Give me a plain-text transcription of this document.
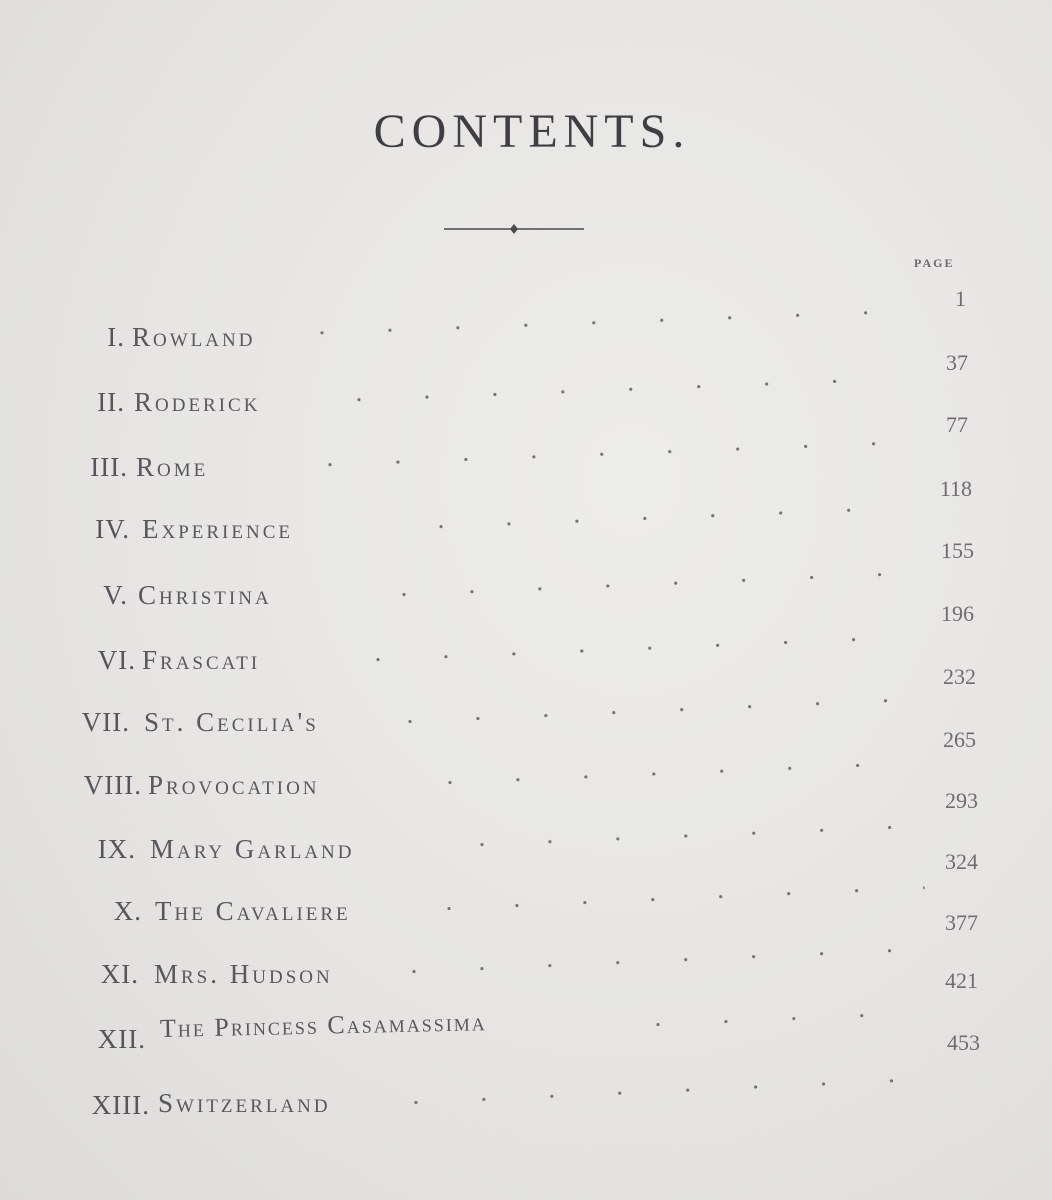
CONTENTS.
PAGE
I. Rowland
1
II. Roderick
37
III. Rome
77
IV. Experience
118
V. Christina
155
VI. Frascati
196
VII. St. Cecilia's
232
VIII. Provocation
265
IX. Mary Garland
293
X. The Cavaliere
324
XI. Mrs. Hudson
377
XII. The Princess Casamassima
421
XIII. Switzerland
453
